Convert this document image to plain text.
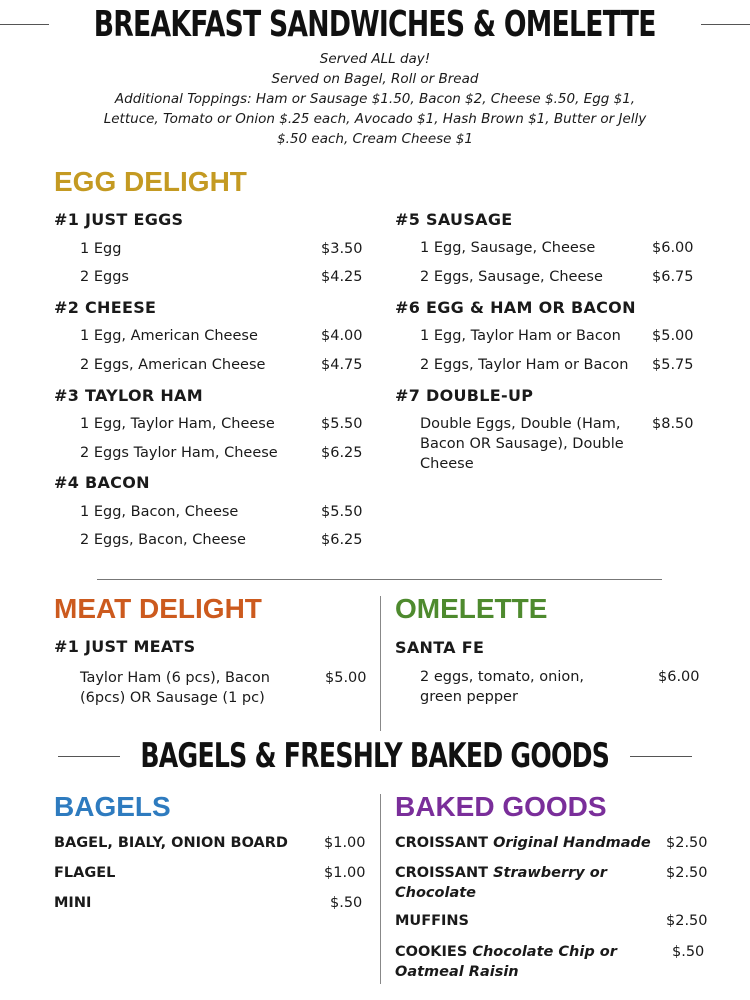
BREAKFAST SANDWICHES & OMELETTE
Served ALL day!
Served on Bagel, Roll or Bread
Additional Toppings: Ham or Sausage $1.50, Bacon $2, Cheese $.50, Egg $1,
Lettuce, Tomato or Onion $.25 each, Avocado $1, Hash Brown $1, Butter or Jelly
$.50 each, Cream Cheese $1
EGG DELIGHT
#1 JUST EGGS
1 Egg	$3.50
2 Eggs	$4.25
#2 CHEESE
1 Egg, American Cheese	$4.00
2 Eggs, American Cheese	$4.75
#3 TAYLOR HAM
1 Egg, Taylor Ham, Cheese	$5.50
2 Eggs Taylor Ham, Cheese	$6.25
#4 BACON
1 Egg, Bacon, Cheese	$5.50
2 Eggs, Bacon, Cheese	$6.25
#5 SAUSAGE
1 Egg, Sausage, Cheese	$6.00
2 Eggs, Sausage, Cheese	$6.75
#6 EGG & HAM OR BACON
1 Egg, Taylor Ham or Bacon $5.00
2 Eggs, Taylor Ham or Bacon $5.75
#7 DOUBLE-UP
Double Eggs, Double (Ham, Bacon OR Sausage), Double Cheese
$8.50
MEAT DELIGHT
#1 JUST MEATS
Taylor Ham (6 pcs), Bacon (6pcs) OR Sausage (1 pc)
$5.00
OMELETTE
SANTA FE
2 eggs, tomato, onion, green pepper
$6.00
BAGELS & FRESHLY BAKED GOODS
BAGELS
BAGEL, BIALY, ONION BOARD $1.00
FLAGEL	$1.00
MINI	$.50
BAKED GOODS
CROISSANT Original Handmade $2.50
CROISSANT Strawberry or Chocolate
$2.50
MUFFINS	$2.50
COOKIES Chocolate Chip or Oatmeal Raisin
$.50
